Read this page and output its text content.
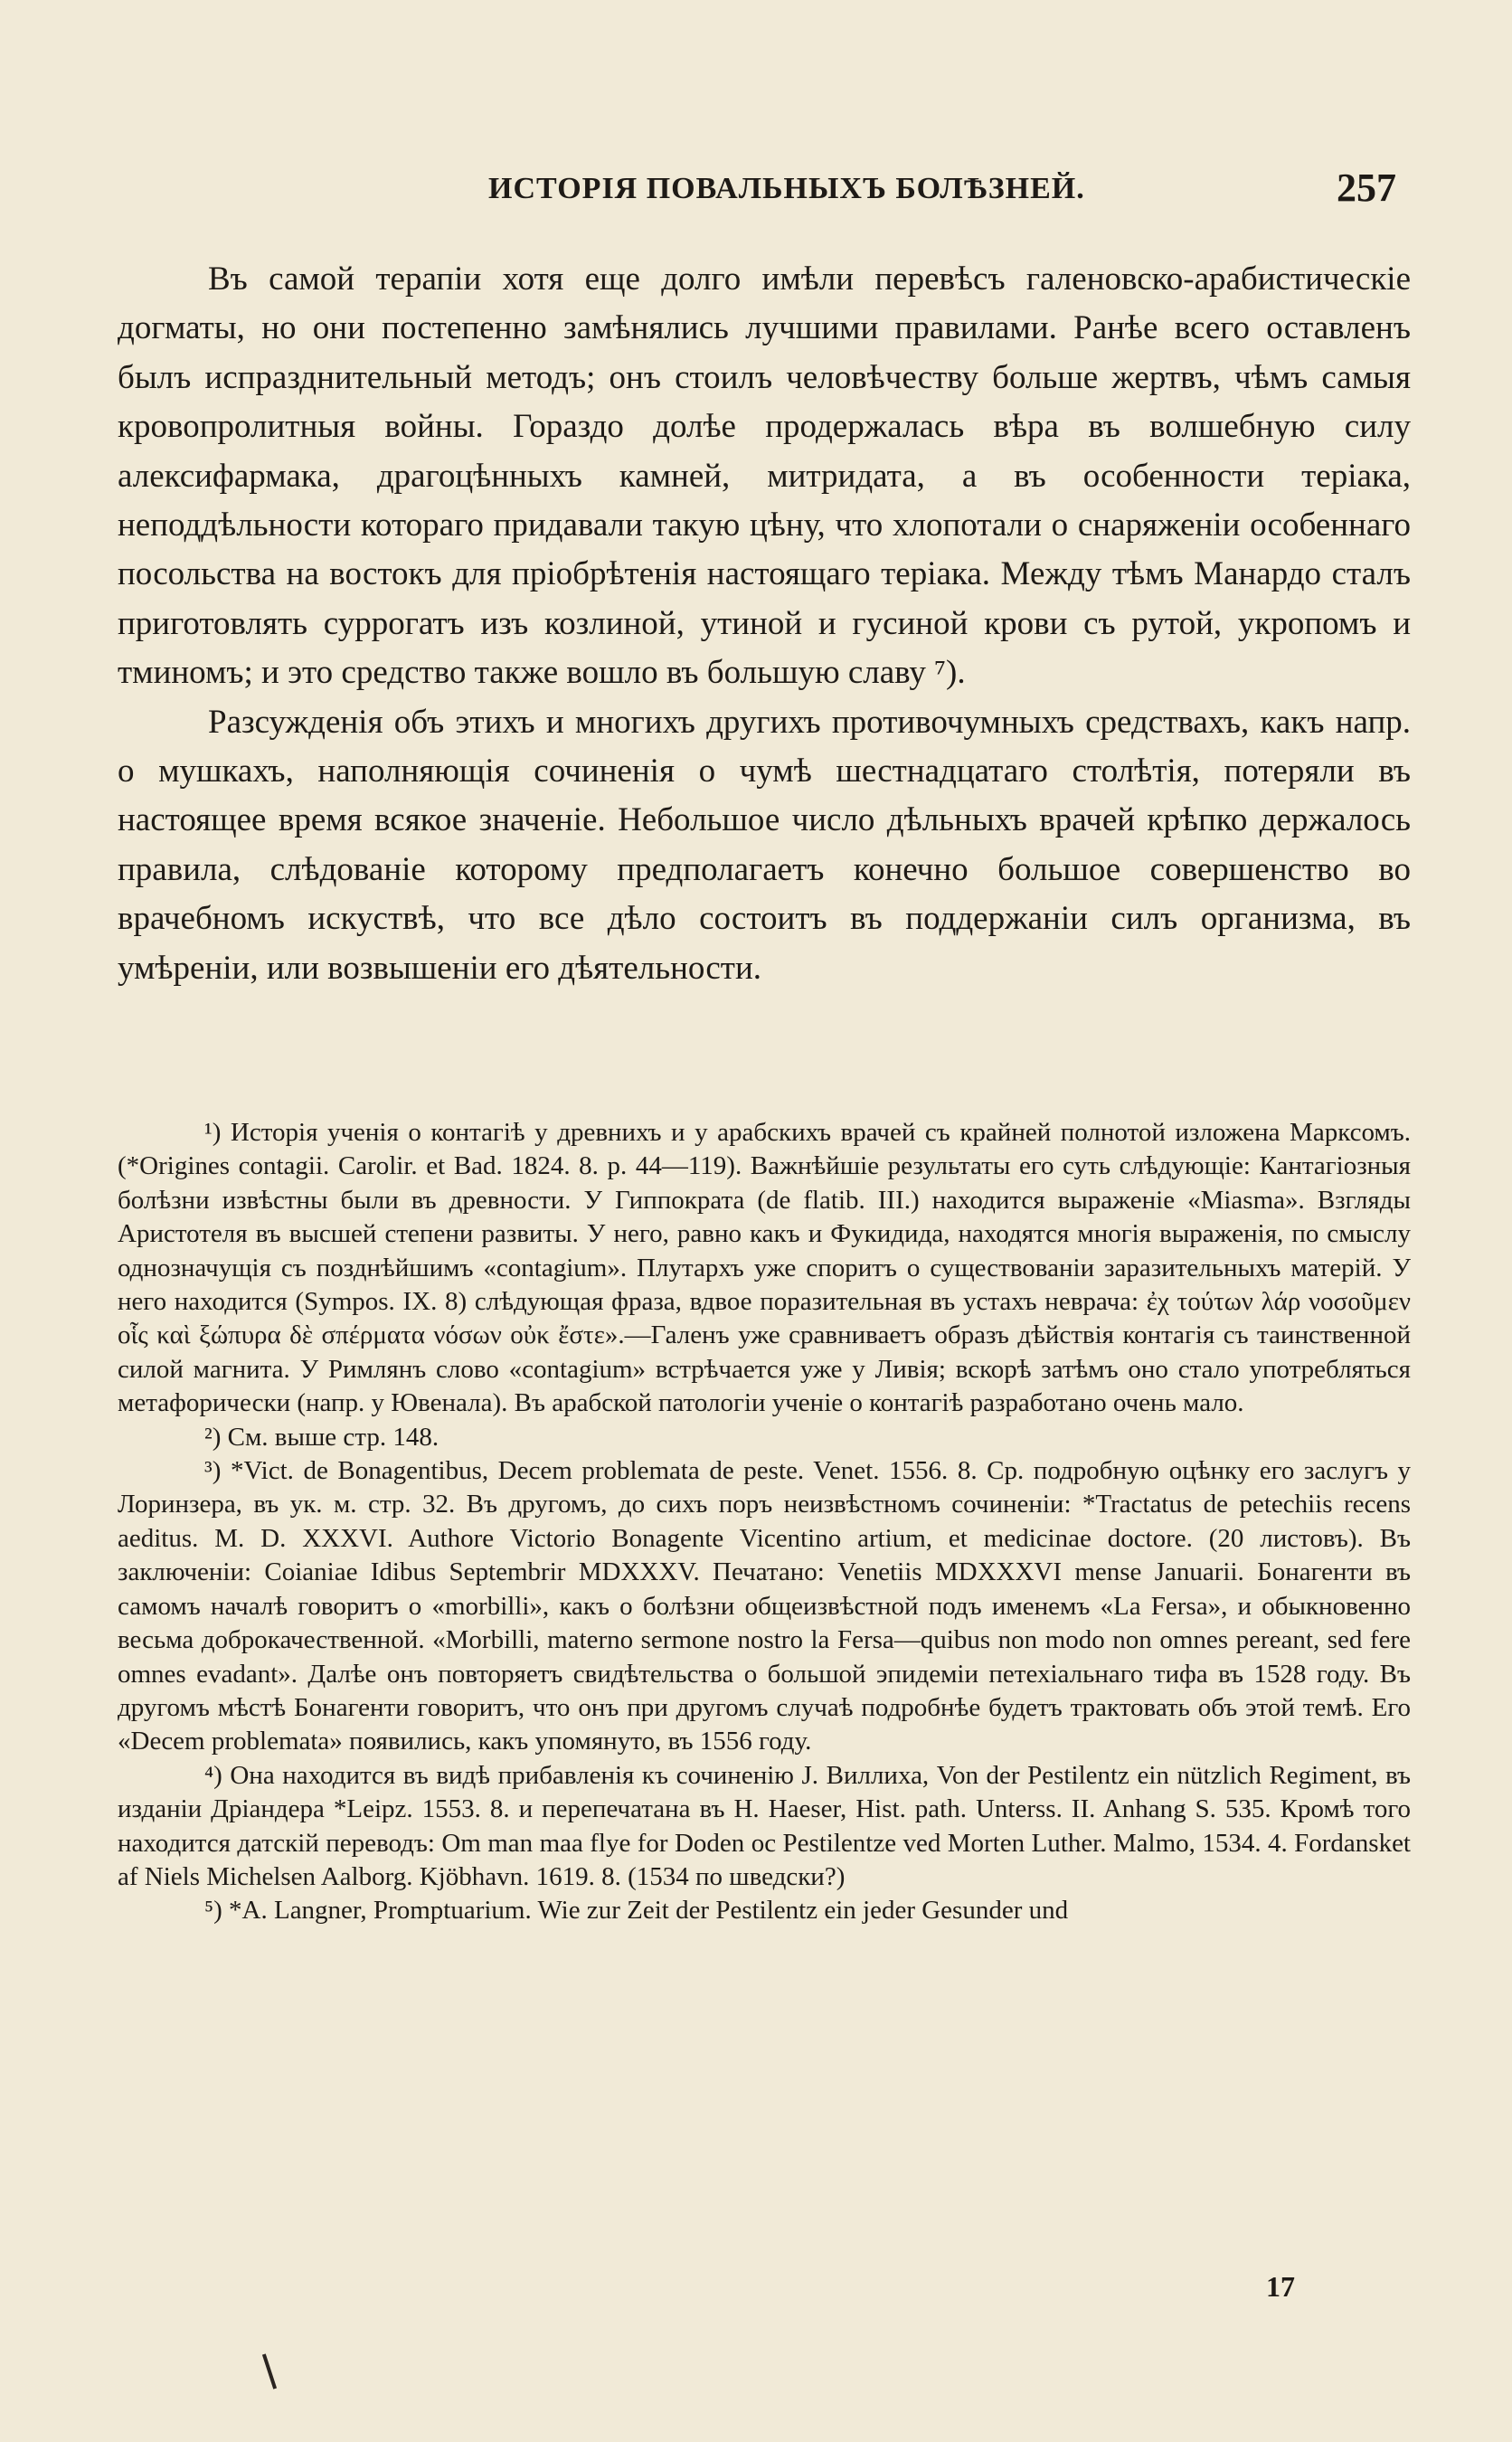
ИСТОРІЯ ПОВАЛЬНЫХЪ БОЛѢЗНЕЙ.	257

Въ самой терапіи хотя еще долго имѣли перевѣсъ галеновско-арабистическіе догматы, но они постепенно замѣнялись лучшими правилами. Ранѣе всего оставленъ былъ испразднительный методъ; онъ стоилъ человѣчеству больше жертвъ, чѣмъ самыя кровопролитныя войны. Гораздо долѣе продержалась вѣра въ волшебную силу алексифармака, драгоцѣнныхъ камней, митридата, а въ особенности теріака, неподдѣльности котораго придавали такую цѣну, что хлопотали о снаряженіи особеннаго посольства на востокъ для пріобрѣтенія настоящаго теріака. Между тѣмъ Манардо сталъ приготовлять суррогатъ изъ козлиной, утиной и гусиной крови съ рутой, укропомъ и тминомъ; и это средство также вошло въ большую славу ⁷).

Разсужденія объ этихъ и многихъ другихъ противочумныхъ средствахъ, какъ напр. о мушкахъ, наполняющія сочиненія о чумѣ шестнадцатаго столѣтія, потеряли въ настоящее время всякое значеніе. Небольшое число дѣльныхъ врачей крѣпко держалось правила, слѣдованіе которому предполагаетъ конечно большое совершенство во врачебномъ искуствѣ, что все дѣло состоитъ въ поддержаніи силъ организма, въ умѣреніи, или возвышеніи его дѣятельности.

¹) Исторія ученія о контагіѣ у древнихъ и у арабскихъ врачей съ крайней полнотой изложена Марксомъ. (*Origines contagii. Carolir. et Bad. 1824. 8. p. 44—119). Важнѣйшіе результаты его суть слѣдующіе: Кантагіозныя болѣзни извѣстны были въ древности. У Гиппократа (de flatib. III.) находится выраженіе «Miasma». Взгляды Аристотеля въ высшей степени развиты. У него, равно какъ и Фукидида, находятся многія выраженія, по смыслу однозначущія съ позднѣйшимъ «contagium». Плутархъ уже споритъ о существованіи заразительныхъ матерій. У него находится (Sympos. IX. 8) слѣдующая фраза, вдвое поразительная въ устахъ неврача: ἐχ τούτων λάρ νοσοῦμεν οἷς καὶ ξώπυρα δὲ σπέρματα νόσων οὐκ ἔστε».—Галенъ уже сравниваетъ образъ дѣйствія контагія съ таинственной силой магнита. У Римлянъ слово «contagium» встрѣчается уже у Ливія; вскорѣ затѣмъ оно стало употребляться метафорически (напр. у Ювенала). Въ арабской патологіи ученіе о контагіѣ разработано очень мало.

²) См. выше стр. 148.

³) *Vict. de Bonagentibus, Decem problemata de peste. Venet. 1556. 8. Ср. подробную оцѣнку его заслугъ у Лоринзера, въ ук. м. стр. 32. Въ другомъ, до сихъ поръ неизвѣстномъ сочиненіи: *Tractatus de petechiis recens aeditus. M. D. XXXVI. Authore Victorio Bonagente Vicentino artium, et medicinae doctore. (20 листовъ). Въ заключеніи: Coianiae Idibus Septembrir MDXXXV. Печатано: Venetiis MDXXXVI mense Januarii. Бонагенти въ самомъ началѣ говоритъ о «morbilli», какъ о болѣзни общеизвѣстной подъ именемъ «La Fersa», и обыкновенно весьма доброкачественной. «Morbilli, materno sermone nostro la Fersa—quibus non modo non omnes pereant, sed fere omnes evadant». Далѣе онъ повторяетъ свидѣтельства о большой эпидеміи петехіальнаго тифа въ 1528 году. Въ другомъ мѣстѣ Бонагенти говоритъ, что онъ при другомъ случаѣ подробнѣе будетъ трактовать объ этой темѣ. Его «Decem problemata» появились, какъ упомянуто, въ 1556 году.

⁴) Она находится въ видѣ прибавленія къ сочиненію J. Виллиха, Von der Pestilentz ein nützlich Regiment, въ изданіи Дріандера *Leipz. 1553. 8. и перепечатана въ H. Haeser, Hist. path. Unterss. II. Anhang S. 535. Кромѣ того находится датскій переводъ: Om man maa flye for Doden oc Pestilentze ved Morten Luther. Malmo, 1534. 4. Fordansket af Niels Michelsen Aalborg. Kjöbhavn. 1619. 8. (1534 по шведски?)

⁵) *A. Langner, Promptuarium. Wie zur Zeit der Pestilentz ein jeder Gesunder und

17
